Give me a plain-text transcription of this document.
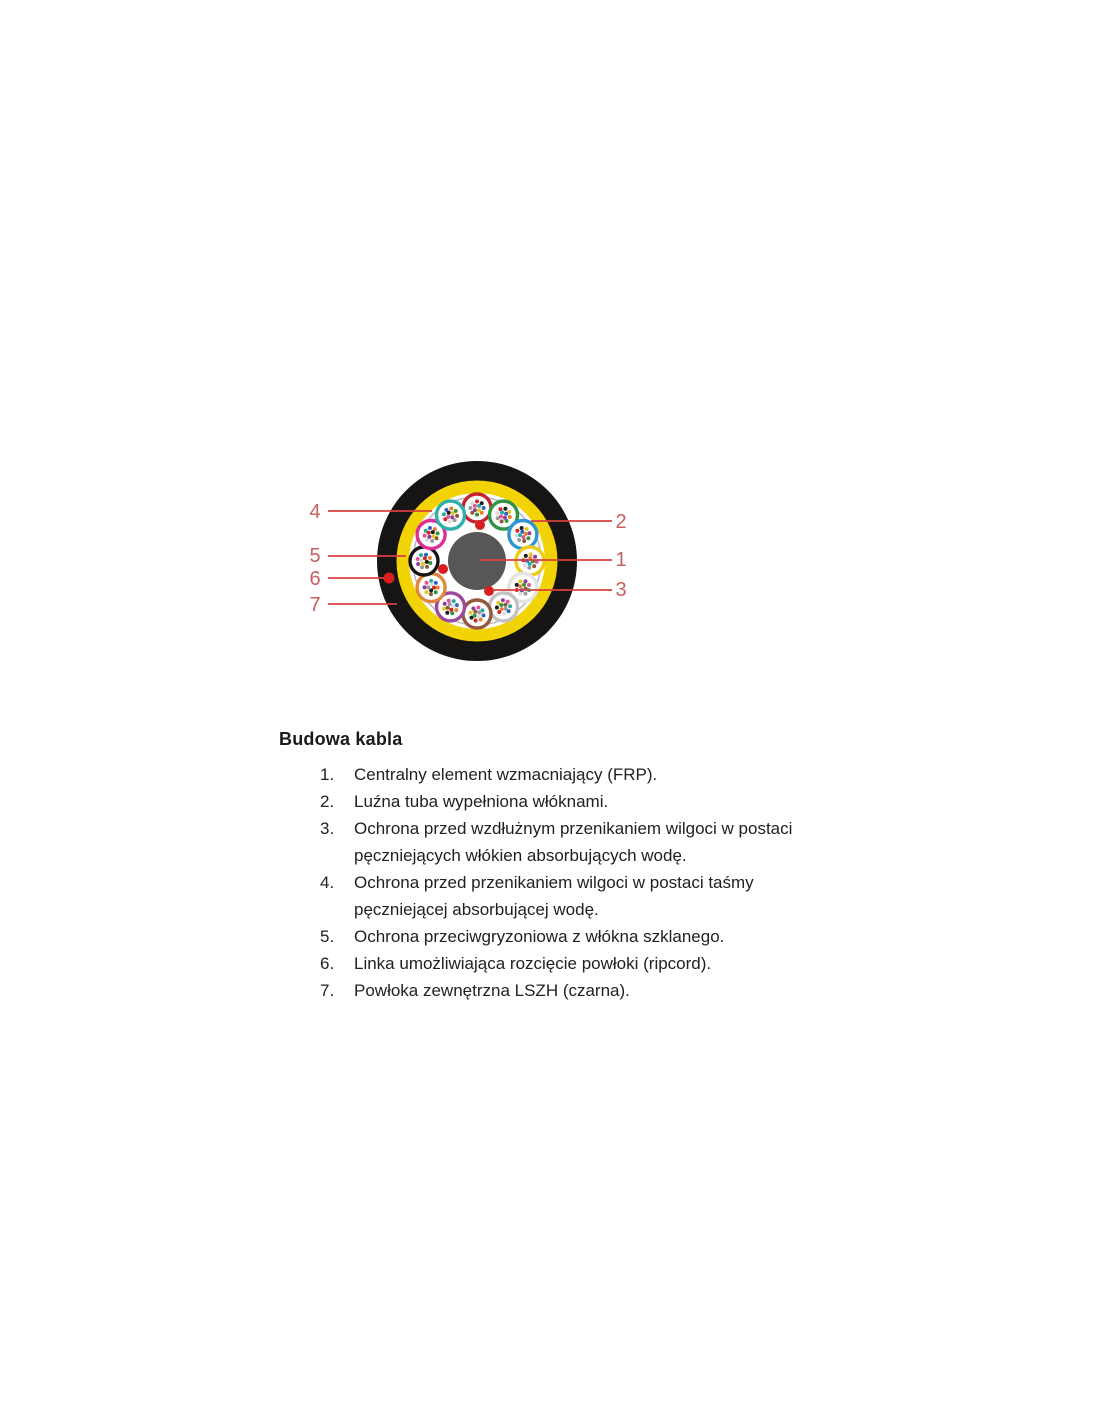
4
5
6
7
2
1
3
Budowa kabla
1.	Centralny element wzmacniający (FRP).
2.	Luźna tuba wypełniona włóknami.
3.	Ochrona przed wzdłużnym przenikaniem wilgoci w postaci
pęczniejących włókien absorbujących wodę.
4.	Ochrona przed przenikaniem wilgoci w postaci taśmy
pęczniejącej absorbującej wodę.
5.	Ochrona przeciwgryzoniowa z włókna szklanego.
6.	Linka umożliwiająca rozcięcie powłoki (ripcord).
7.	Powłoka zewnętrzna LSZH (czarna).
